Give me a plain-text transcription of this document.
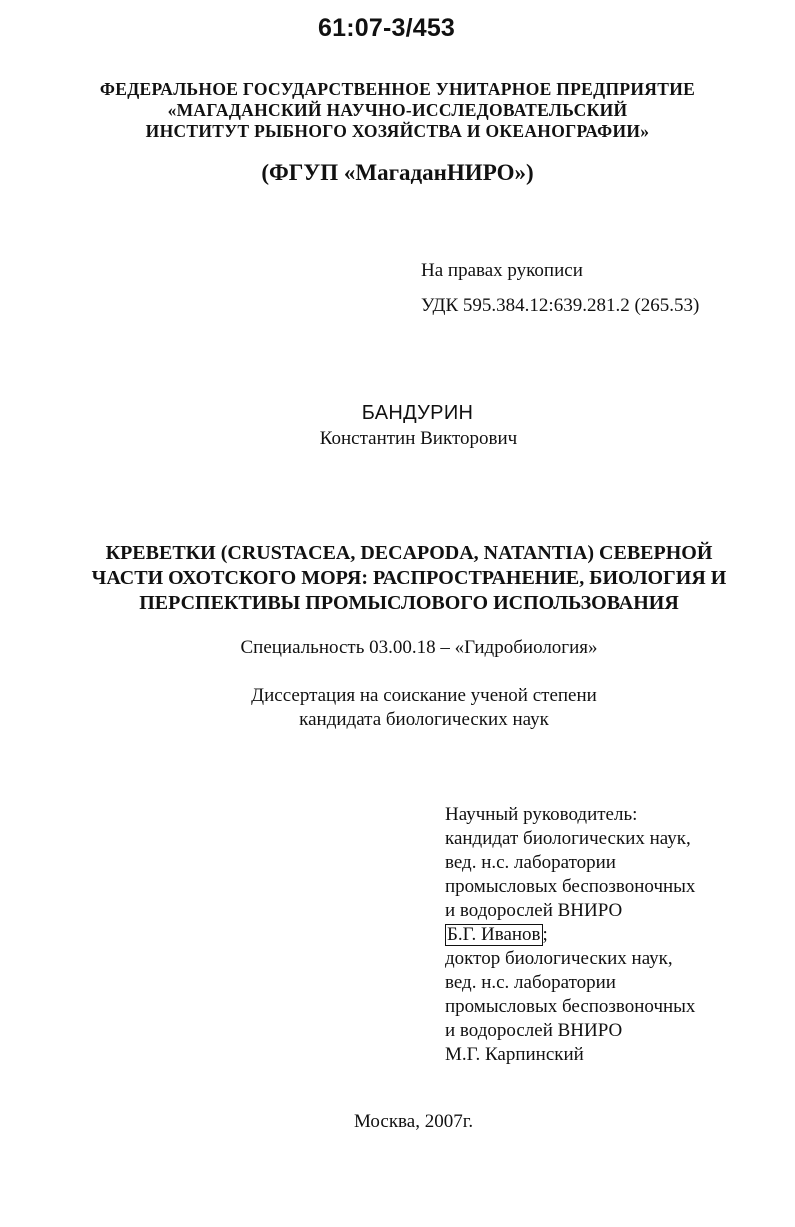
61:07-3/453
ФЕДЕРАЛЬНОЕ ГОСУДАРСТВЕННОЕ УНИТАРНОЕ ПРЕДПРИЯТИЕ
«МАГАДАНСКИЙ НАУЧНО-ИССЛЕДОВАТЕЛЬСКИЙ
ИНСТИТУТ РЫБНОГО ХОЗЯЙСТВА И ОКЕАНОГРАФИИ»
(ФГУП «МагаданНИРО»)
На правах рукописи
УДК 595.384.12:639.281.2 (265.53)
БАНДУРИН
Константин Викторович
КРЕВЕТКИ (CRUSTACEA, DECAPODA, NATANTIA) СЕВЕРНОЙ
ЧАСТИ ОХОТСКОГО МОРЯ: РАСПРОСТРАНЕНИЕ, БИОЛОГИЯ И
ПЕРСПЕКТИВЫ ПРОМЫСЛОВОГО ИСПОЛЬЗОВАНИЯ
Специальность 03.00.18 – «Гидробиология»
Диссертация на соискание ученой степени
кандидата биологических наук
Научный руководитель:
кандидат биологических наук,
вед. н.с. лаборатории
промысловых беспозвоночных
и водорослей ВНИРО
Б.Г. Иванов ;
доктор биологических наук,
вед. н.с. лаборатории
промысловых беспозвоночных
и водорослей ВНИРО
М.Г. Карпинский
Москва, 2007г.
